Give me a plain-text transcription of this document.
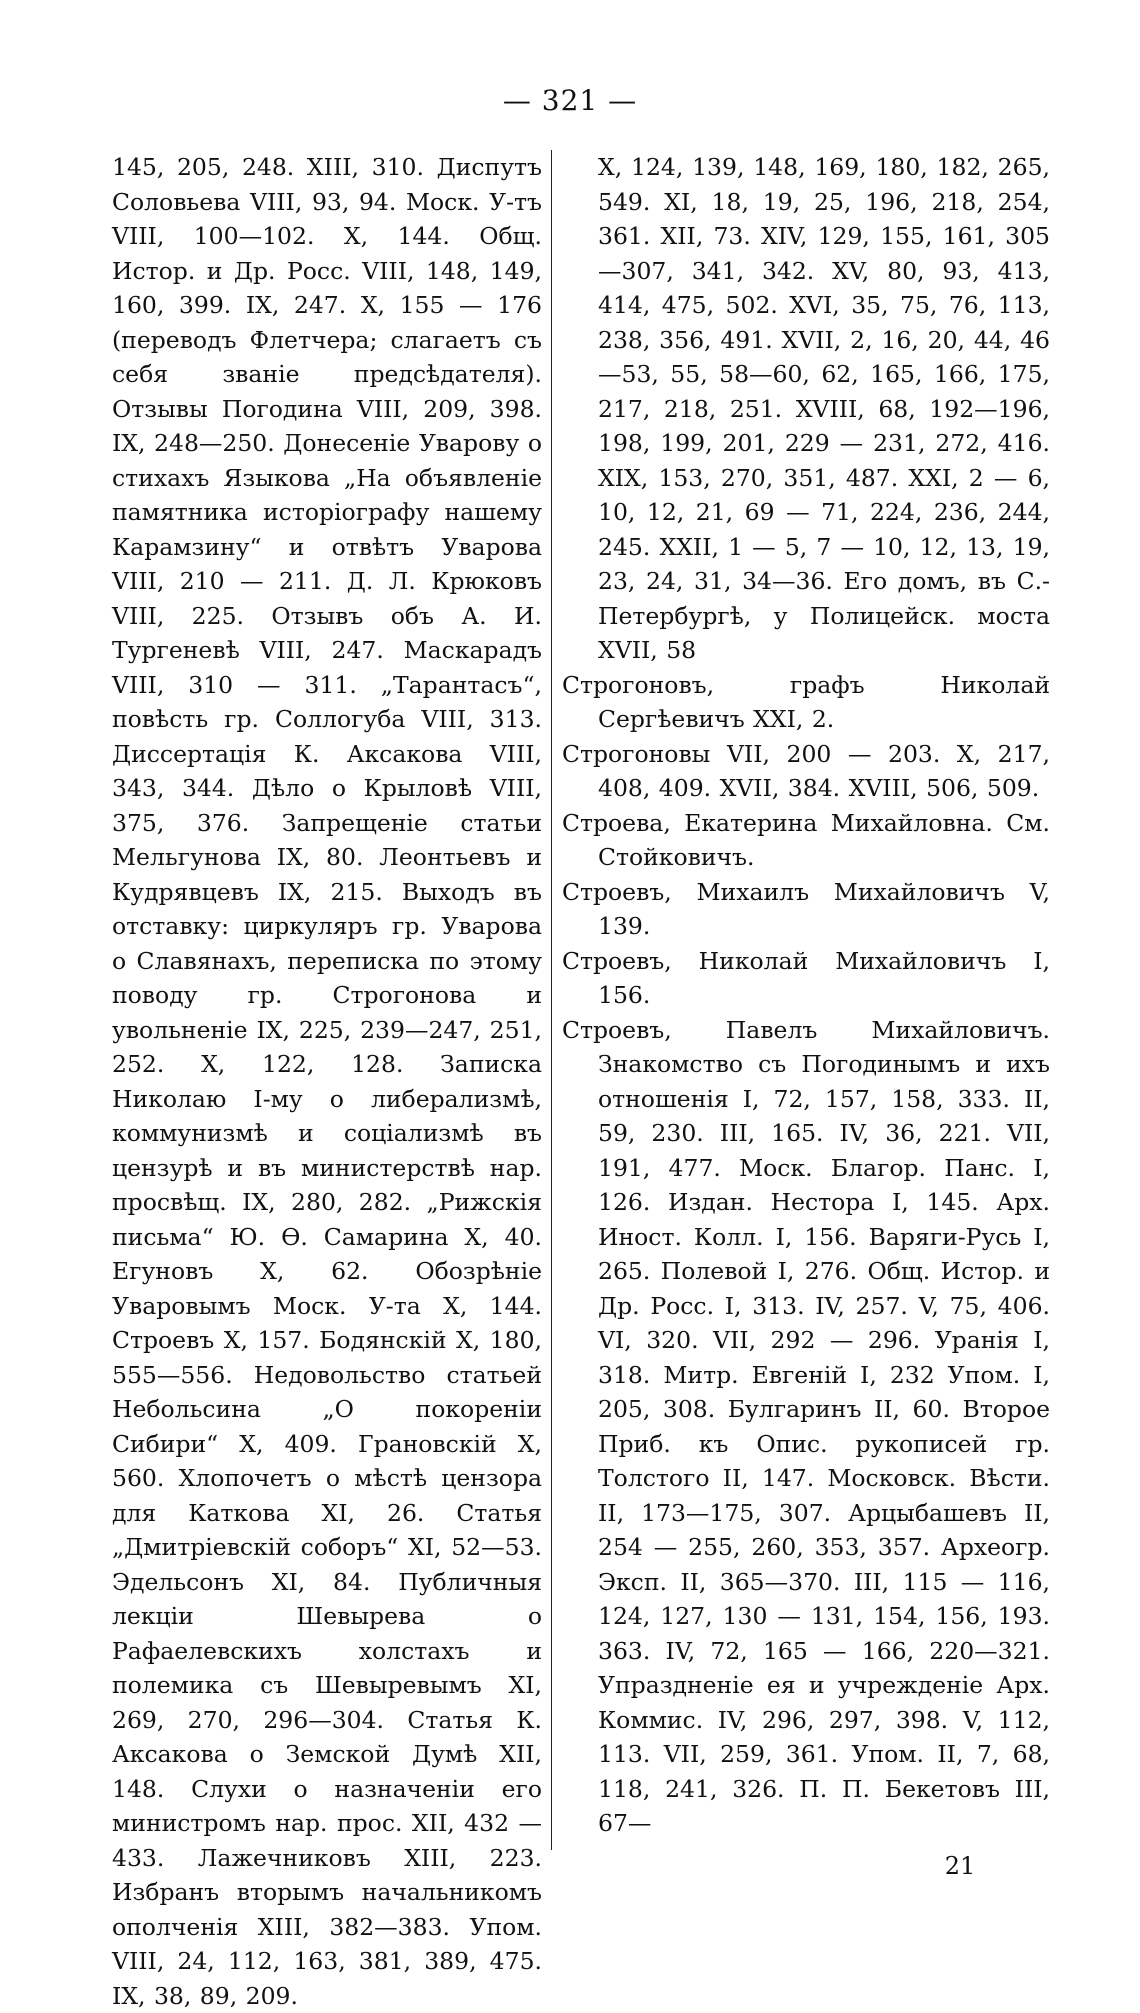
— 321 —

145, 205, 248. XIII, 310. Диспутъ Соловьева VIII, 93, 94. Моск. У-тъ VIII, 100—102. X, 144. Общ. Истор. и Др. Росс. VIII, 148, 149, 160, 399. IX, 247. X, 155 — 176 (переводъ Флетчера; слагаетъ съ себя званіе предсѣдателя). Отзывы Погодина VIII, 209, 398. IX, 248—250. Донесеніе Уварову о стихахъ Языкова „На объявленіе памятника исторіографу нашему Карамзину“ и отвѣтъ Уварова VIII, 210 — 211. Д. Л. Крюковъ VIII, 225. Отзывъ объ А. И. Тургеневѣ VIII, 247. Маскарадъ VIII, 310 — 311. „Тарантасъ“, повѣсть гр. Соллогуба VIII, 313. Диссертація К. Аксакова VIII, 343, 344. Дѣло о Крыловѣ VIII, 375, 376. Запрещеніе статьи Мельгунова IX, 80. Леонтьевъ и Кудрявцевъ IX, 215. Выходъ въ отставку: циркуляръ гр. Уварова о Славянахъ, переписка по этому поводу гр. Строгонова и увольненіе IX, 225, 239—247, 251, 252. X, 122, 128. Записка Николаю I-му о либерализмѣ, коммунизмѣ и соціализмѣ въ цензурѣ и въ министерствѣ нар. просвѣщ. IX, 280, 282. „Рижскія письма“ Ю. Ѳ. Самарина X, 40. Егуновъ X, 62. Обозрѣніе Уваровымъ Моск. У-та X, 144. Строевъ X, 157. Бодянскій X, 180, 555—556. Недовольство статьей Небольсина „О покореніи Сибири“ X, 409. Грановскій X, 560. Хлопочетъ о мѣстѣ цензора для Каткова XI, 26. Статья „Дмитріевскій соборъ“ XI, 52—53. Эдельсонъ XI, 84. Публичныя лекціи Шевырева о Рафаелевскихъ холстахъ и полемика съ Шевыревымъ XI, 269, 270, 296—304. Статья К. Аксакова о Земской Думѣ XII, 148. Слухи о назначеніи его министромъ нар. прос. XII, 432 — 433. Лажечниковъ XIII, 223. Избранъ вторымъ начальникомъ ополченія XIII, 382—383. Упом. VIII, 24, 112, 163, 381, 389, 475. IX, 38, 89, 209.

X, 124, 139, 148, 169, 180, 182, 265, 549. XI, 18, 19, 25, 196, 218, 254, 361. XII, 73. XIV, 129, 155, 161, 305—307, 341, 342. XV, 80, 93, 413, 414, 475, 502. XVI, 35, 75, 76, 113, 238, 356, 491. XVII, 2, 16, 20, 44, 46—53, 55, 58—60, 62, 165, 166, 175, 217, 218, 251. XVIII, 68, 192—196, 198, 199, 201, 229 — 231, 272, 416. XIX, 153, 270, 351, 487. XXI, 2 — 6, 10, 12, 21, 69 — 71, 224, 236, 244, 245. XXII, 1 — 5, 7 — 10, 12, 13, 19, 23, 24, 31, 34—36. Его домъ, въ С.-Петербургѣ, у Полицейск. моста XVII, 58

Строгоновъ, графъ Николай Сергѣевичъ XXI, 2.

Строгоновы VII, 200 — 203. X, 217, 408, 409. XVII, 384. XVIII, 506, 509.

Строева, Екатерина Михайловна. См. Стойковичъ.

Строевъ, Михаилъ Михайловичъ V, 139.

Строевъ, Николай Михайловичъ I, 156.

Строевъ, Павелъ Михайловичъ. Знакомство съ Погодинымъ и ихъ отношенія I, 72, 157, 158, 333. II, 59, 230. III, 165. IV, 36, 221. VII, 191, 477. Моск. Благор. Панс. I, 126. Издан. Нестора I, 145. Арх. Иност. Колл. I, 156. Варяги-Русь I, 265. Полевой I, 276. Общ. Истор. и Др. Росс. I, 313. IV, 257. V, 75, 406. VI, 320. VII, 292 — 296. Уранія I, 318. Митр. Евгеній I, 232 Упом. I, 205, 308. Булгаринъ II, 60. Второе Приб. къ Опис. рукописей гр. Толстого II, 147. Московск. Вѣсти. II, 173—175, 307. Арцыбашевъ II, 254 — 255, 260, 353, 357. Археогр. Эксп. II, 365—370. III, 115 — 116, 124, 127, 130 — 131, 154, 156, 193. 363. IV, 72, 165 — 166, 220—321. Упраздненіе ея и учрежденіе Арх. Коммис. IV, 296, 297, 398. V, 112, 113. VII, 259, 361. Упом. II, 7, 68, 118, 241, 326. П. П. Бекетовъ III, 67—

21
